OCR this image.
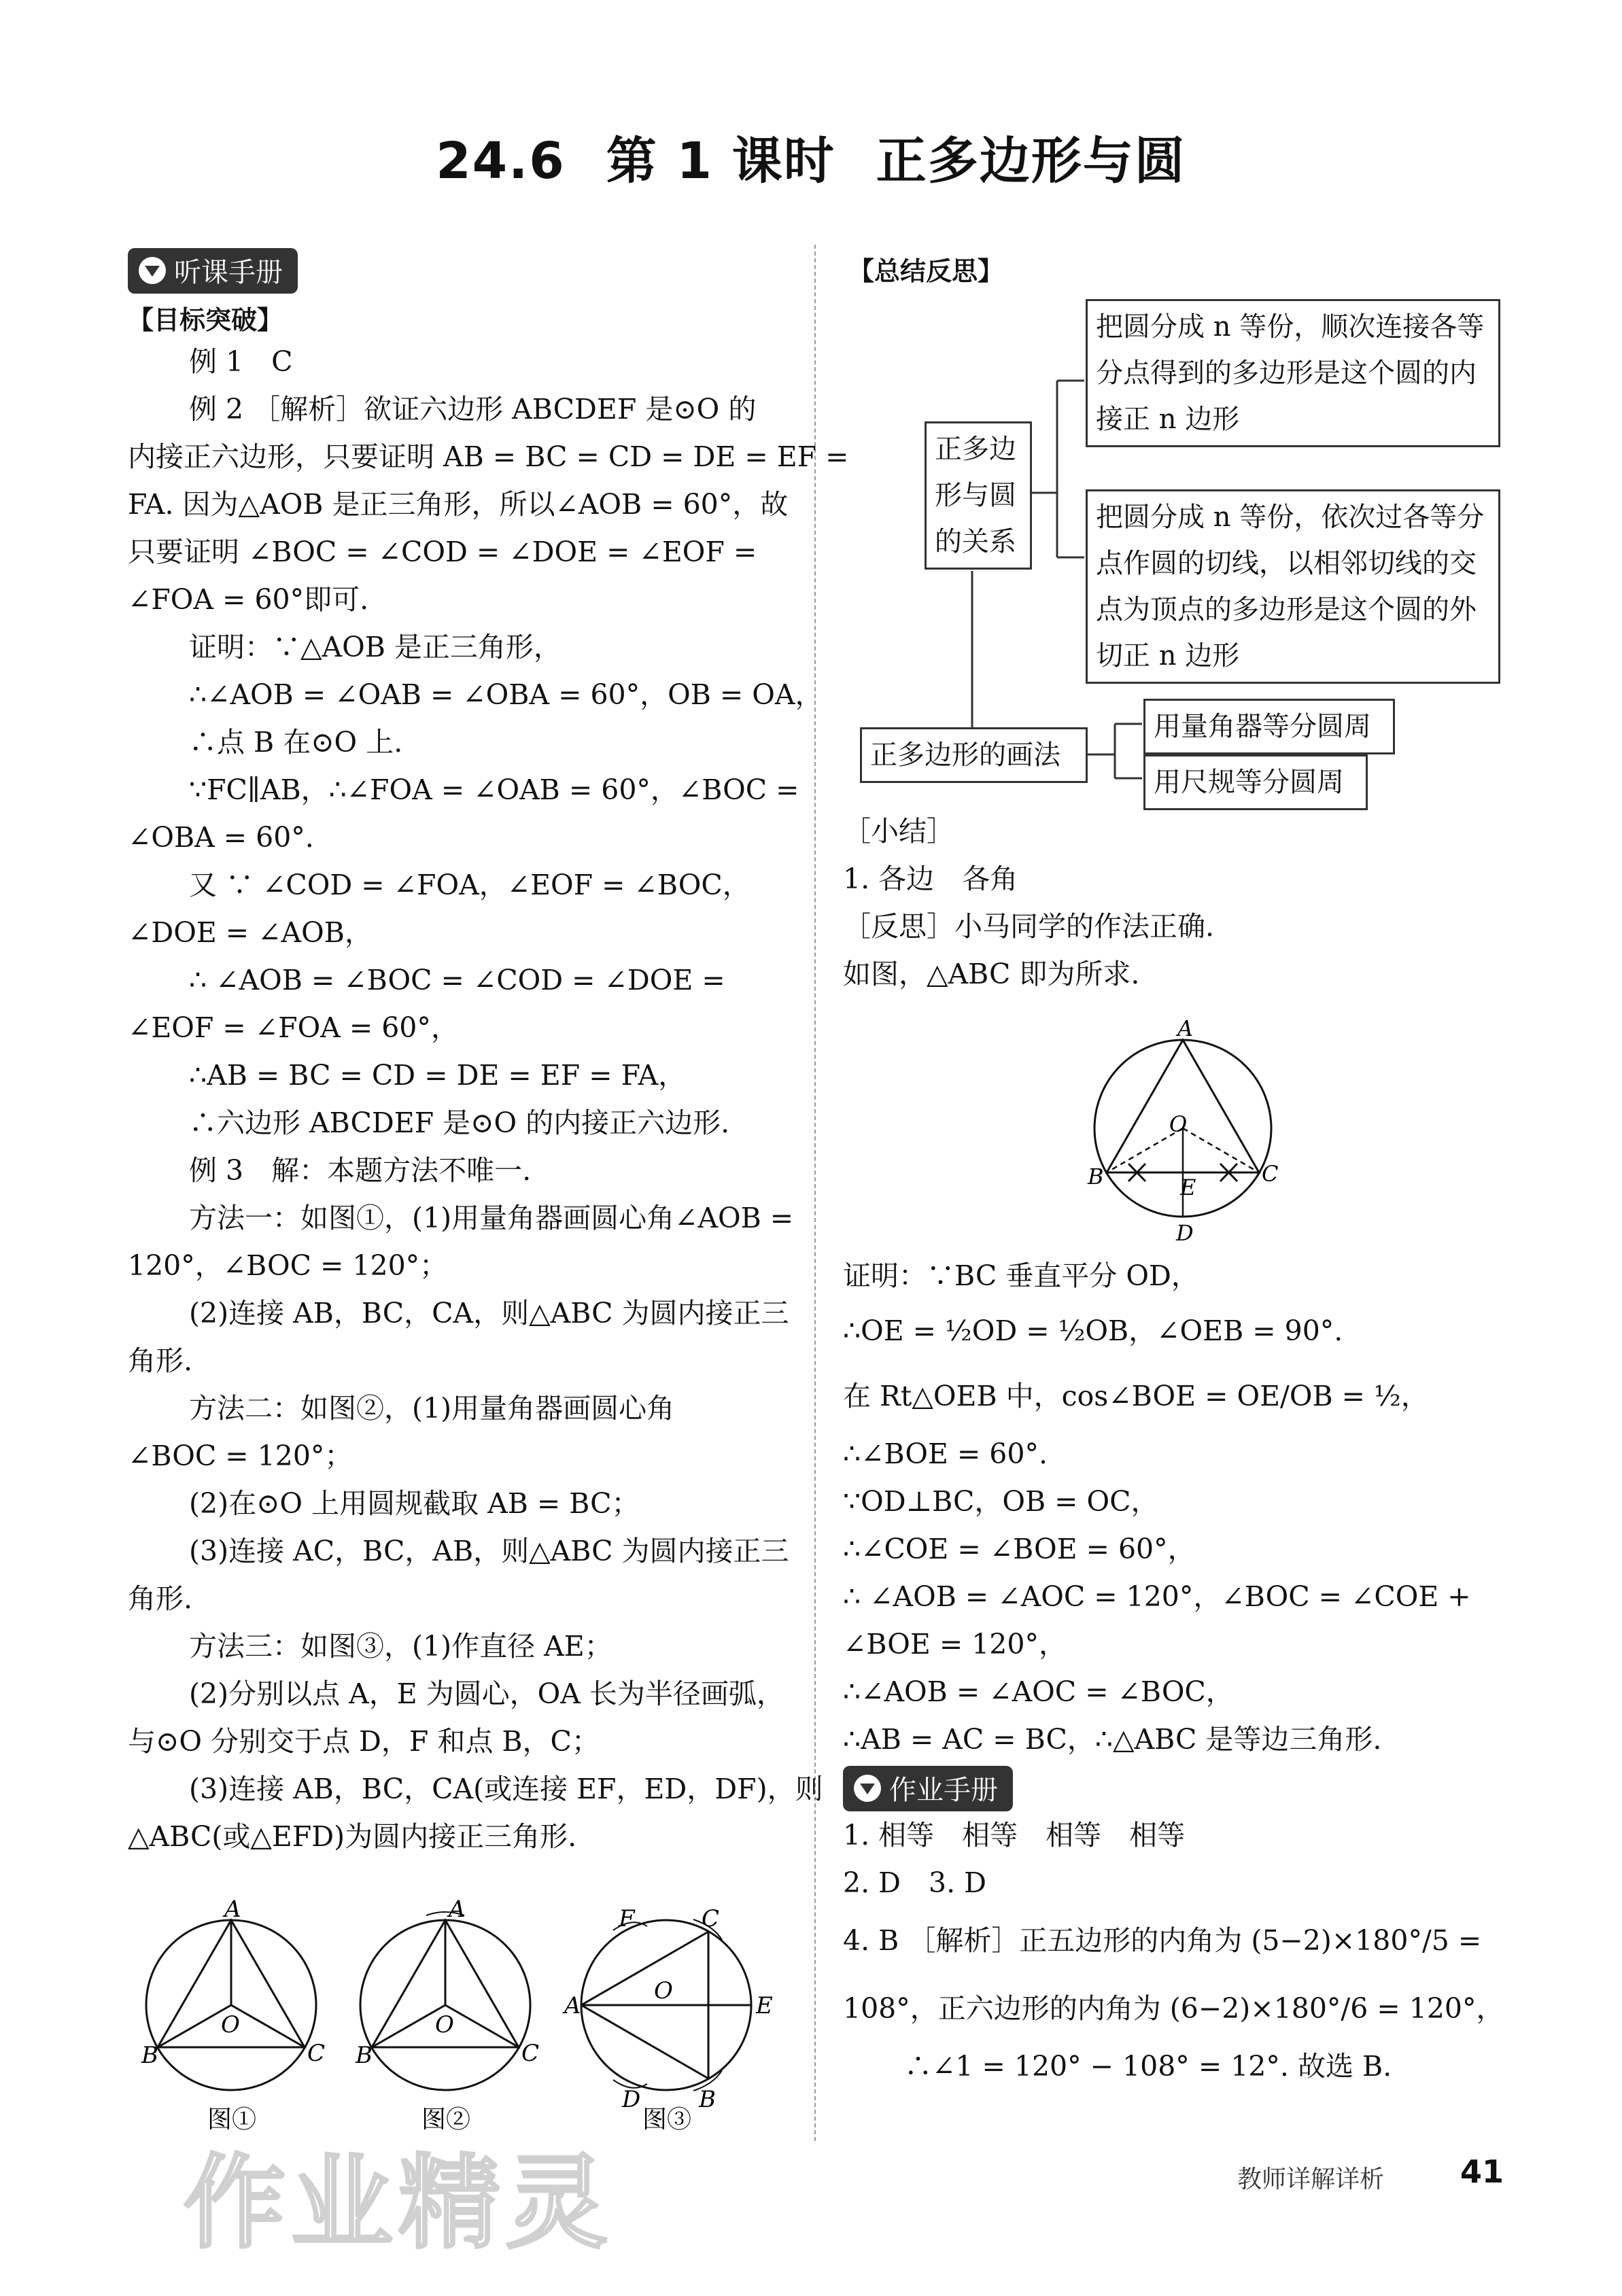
24.6 第 1 课时 正多边形与圆
听课手册
【目标突破】
例 1　C
例 2 ［解析］欲证六边形 ABCDEF 是⊙O 的
内接正六边形，只要证明 AB = BC = CD = DE = EF =
FA. 因为△AOB 是正三角形，所以∠AOB = 60°，故
只要证明 ∠BOC = ∠COD = ∠DOE = ∠EOF =
∠FOA = 60°即可.
证明：∵△AOB 是正三角形，
∴∠AOB = ∠OAB = ∠OBA = 60°，OB = OA，
∴点 B 在⊙O 上.
∵FC∥AB，∴∠FOA = ∠OAB = 60°，∠BOC =
∠OBA = 60°.
又 ∵ ∠COD = ∠FOA，∠EOF = ∠BOC，
∠DOE = ∠AOB，
∴ ∠AOB = ∠BOC = ∠COD = ∠DOE =
∠EOF = ∠FOA = 60°，
∴AB = BC = CD = DE = EF = FA，
∴六边形 ABCDEF 是⊙O 的内接正六边形.
例 3　解：本题方法不唯一.
方法一：如图①，(1)用量角器画圆心角∠AOB =
120°，∠BOC = 120°；
(2)连接 AB，BC，CA，则△ABC 为圆内接正三
角形.
方法二：如图②，(1)用量角器画圆心角
∠BOC = 120°；
(2)在⊙O 上用圆规截取 AB = BC；
(3)连接 AC，BC，AB，则△ABC 为圆内接正三
角形.
方法三：如图③，(1)作直径 AE；
(2)分别以点 A，E 为圆心，OA 长为半径画弧，
与⊙O 分别交于点 D，F 和点 B，C；
(3)连接 AB，BC，CA(或连接 EF，ED，DF)，则
△ABC(或△EFD)为圆内接正三角形.
A
B	C
O
图①
A
B	C
O
图②
F	C
A	E
O
D	B
图③
【总结反思】
正多边形与圆的关系
把圆分成 n 等份，顺次连接各等分点得到的多边形是这个圆的内接正 n 边形
把圆分成 n 等份，依次过各等分点作圆的切线，以相邻切线的交点为顶点的多边形是这个圆的外切正 n 边形
正多边形的画法
用量角器等分圆周
用尺规等分圆周
［小结］
1. 各边　各角
［反思］小马同学的作法正确.
如图，△ABC 即为所求.
A
B	C
O
E
D
证明：∵BC 垂直平分 OD，
∴OE = ½OD = ½OB，∠OEB = 90°.
在 Rt△OEB 中，cos∠BOE = OE/OB = ½，
∴∠BOE = 60°.
∵OD⊥BC，OB = OC，
∴∠COE = ∠BOE = 60°，
∴ ∠AOB = ∠AOC = 120°，∠BOC = ∠COE +
∠BOE = 120°，
∴∠AOB = ∠AOC = ∠BOC，
∴AB = AC = BC，∴△ABC 是等边三角形.
作业手册
1. 相等　相等　相等　相等
2. D　3. D
4. B ［解析］正五边形的内角为 (5−2)×180°/5 =
108°，正六边形的内角为 (6−2)×180°/6 = 120°，
∴∠1 = 120° − 108° = 12°. 故选 B.
教师详解详析 41
作业精灵
